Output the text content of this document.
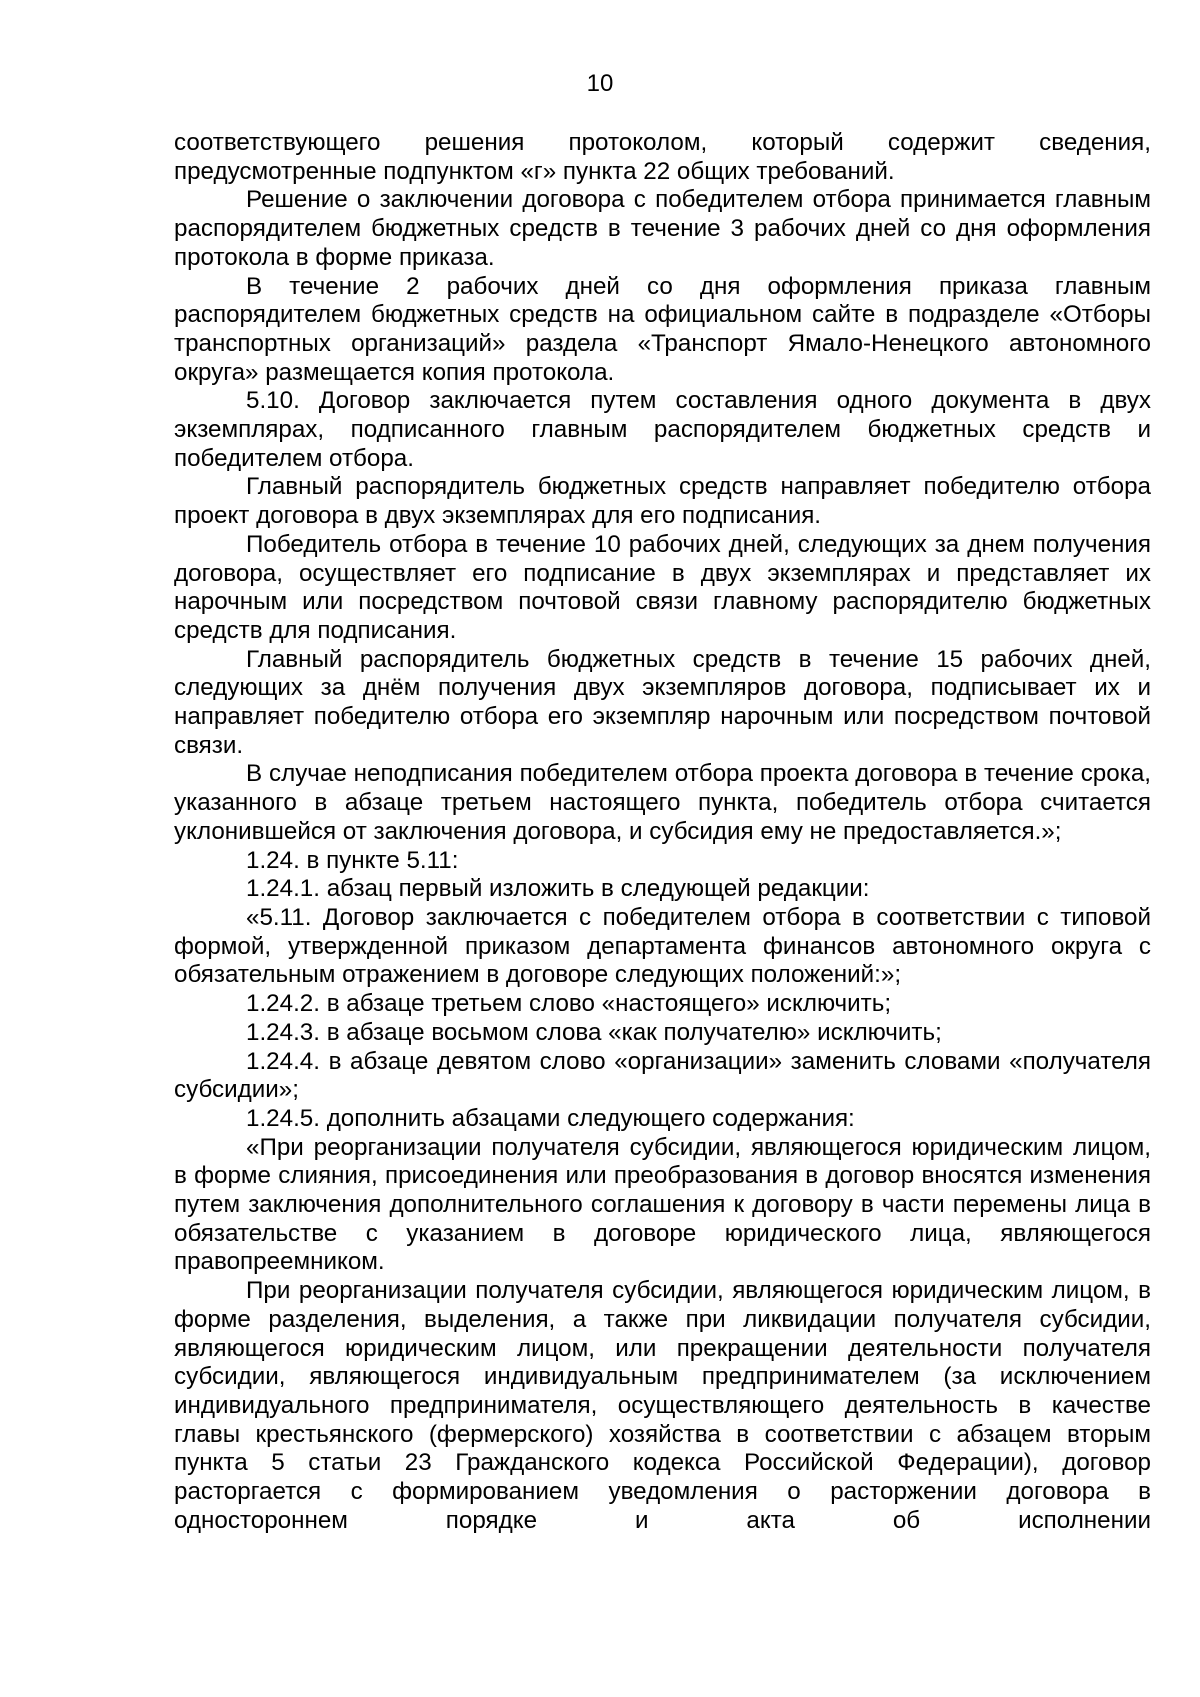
10

соответствующего решения протоколом, который содержит сведения, предусмотренные подпунктом «г» пункта 22 общих требований.

Решение о заключении договора с победителем отбора принимается главным распорядителем бюджетных средств в течение 3 рабочих дней со дня оформления протокола в форме приказа.

В течение 2 рабочих дней со дня оформления приказа главным распорядителем бюджетных средств на официальном сайте в подразделе «Отборы транспортных организаций» раздела «Транспорт Ямало-Ненецкого автономного округа» размещается копия протокола.

5.10. Договор заключается путем составления одного документа в двух экземплярах, подписанного главным распорядителем бюджетных средств и победителем отбора.

Главный распорядитель бюджетных средств направляет победителю отбора проект договора в двух экземплярах для его подписания.

Победитель отбора в течение 10 рабочих дней, следующих за днем получения договора, осуществляет его подписание в двух экземплярах и представляет их нарочным или посредством почтовой связи главному распорядителю бюджетных средств для подписания.

Главный распорядитель бюджетных средств в течение 15 рабочих дней, следующих за днём получения двух экземпляров договора, подписывает их и направляет победителю отбора его экземпляр нарочным или посредством почтовой связи.

В случае неподписания победителем отбора проекта договора в течение срока, указанного в абзаце третьем настоящего пункта, победитель отбора считается уклонившейся от заключения договора, и субсидия ему не предоставляется.»;

1.24. в пункте 5.11:

1.24.1. абзац первый изложить в следующей редакции:

«5.11. Договор заключается с победителем отбора в соответствии с типовой формой, утвержденной приказом департамента финансов автономного округа с обязательным отражением в договоре следующих положений:»;

1.24.2. в абзаце третьем слово «настоящего» исключить;

1.24.3. в абзаце восьмом слова «как получателю» исключить;

1.24.4. в абзаце девятом слово «организации» заменить словами «получателя субсидии»;

1.24.5. дополнить абзацами следующего содержания:

«При реорганизации получателя субсидии, являющегося юридическим лицом, в форме слияния, присоединения или преобразования в договор вносятся изменения путем заключения дополнительного соглашения к договору в части перемены лица в обязательстве с указанием в договоре юридического лица, являющегося правопреемником.

При реорганизации получателя субсидии, являющегося юридическим лицом, в форме разделения, выделения, а также при ликвидации получателя субсидии, являющегося юридическим лицом, или прекращении деятельности получателя субсидии, являющегося индивидуальным предпринимателем (за исключением индивидуального предпринимателя, осуществляющего деятельность в качестве главы крестьянского (фермерского) хозяйства в соответствии с абзацем вторым пункта 5 статьи 23 Гражданского кодекса Российской Федерации), договор расторгается с формированием уведомления о расторжении договора в одностороннем порядке и акта об исполнении
